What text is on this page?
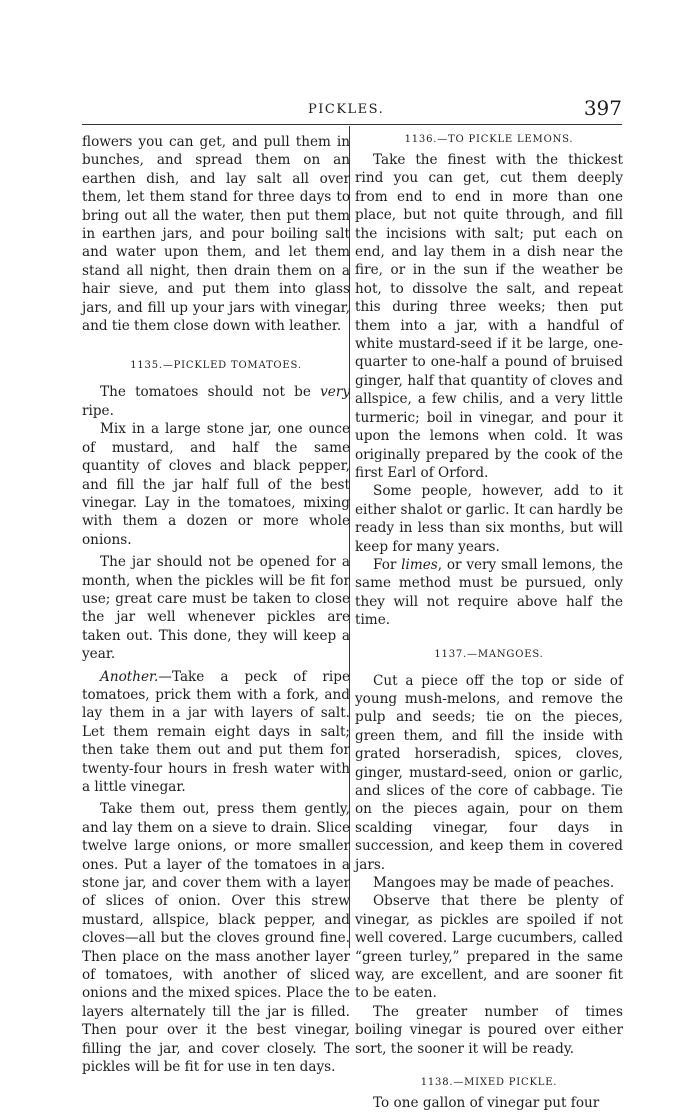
PICKLES.	397

flowers you can get, and pull them in bunches, and spread them on an earthen dish, and lay salt all over them, let them stand for three days to bring out all the water, then put them in earthen jars, and pour boiling salt and water upon them, and let them stand all night, then drain them on a hair sieve, and put them into glass jars, and fill up your jars with vinegar, and tie them close down with leather.

1135.—PICKLED TOMATOES.

The tomatoes should not be very ripe.

Mix in a large stone jar, one ounce of mustard, and half the same quantity of cloves and black pepper, and fill the jar half full of the best vinegar. Lay in the tomatoes, mixing with them a dozen or more whole onions.

The jar should not be opened for a month, when the pickles will be fit for use; great care must be taken to close the jar well whenever pickles are taken out. This done, they will keep a year.

Another.—Take a peck of ripe tomatoes, prick them with a fork, and lay them in a jar with layers of salt. Let them remain eight days in salt; then take them out and put them for twenty-four hours in fresh water with a little vinegar.

Take them out, press them gently, and lay them on a sieve to drain. Slice twelve large onions, or more smaller ones. Put a layer of the tomatoes in a stone jar, and cover them with a layer of slices of onion. Over this strew mustard, allspice, black pepper, and cloves—all but the cloves ground fine. Then place on the mass another layer of tomatoes, with another of sliced onions and the mixed spices. Place the layers alternately till the jar is filled. Then pour over it the best vinegar, filling the jar, and cover closely. The pickles will be fit for use in ten days.

1136.—TO PICKLE LEMONS.

Take the finest with the thickest rind you can get, cut them deeply from end to end in more than one place, but not quite through, and fill the incisions with salt; put each on end, and lay them in a dish near the fire, or in the sun if the weather be hot, to dissolve the salt, and repeat this during three weeks; then put them into a jar, with a handful of white mustard-seed if it be large, one-quarter to one-half a pound of bruised ginger, half that quantity of cloves and allspice, a few chilis, and a very little turmeric; boil in vinegar, and pour it upon the lemons when cold. It was originally prepared by the cook of the first Earl of Orford.

Some people, however, add to it either shalot or garlic. It can hardly be ready in less than six months, but will keep for many years.

For limes, or very small lemons, the same method must be pursued, only they will not require above half the time.

1137.—MANGOES.

Cut a piece off the top or side of young mush-melons, and remove the pulp and seeds; tie on the pieces, green them, and fill the inside with grated horseradish, spices, cloves, ginger, mustard-seed, onion or garlic, and slices of the core of cabbage. Tie on the pieces again, pour on them scalding vinegar, four days in succession, and keep them in covered jars.

Mangoes may be made of peaches.

Observe that there be plenty of vinegar, as pickles are spoiled if not well covered. Large cucumbers, called “green turley,” prepared in the same way, are excellent, and are sooner fit to be eaten.

The greater number of times boiling vinegar is poured over either sort, the sooner it will be ready.

1138.—MIXED PICKLE.

To one gallon of vinegar put four
